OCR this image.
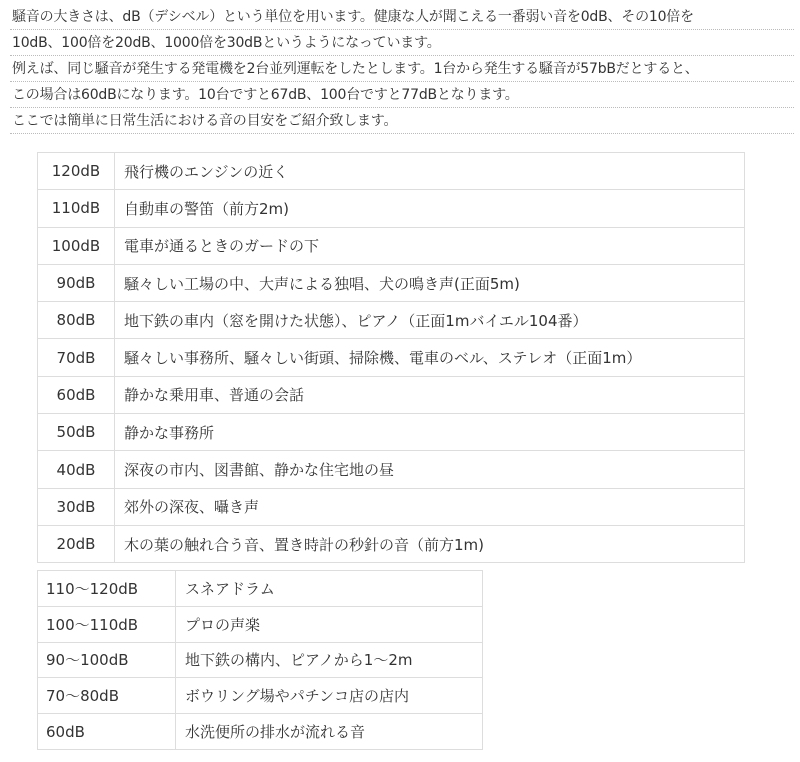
騒音の大きさは、dB（デシベル）という単位を用います。健康な人が聞こえる一番弱い音を0dB、その10倍を
10dB、100倍を20dB、1000倍を30dBというようになっています。
例えば、同じ騒音が発生する発電機を2台並列運転をしたとします。1台から発生する騒音が57bBだとすると、
この場合は60dBになります。10台ですと67dB、100台ですと77dBとなります。
ここでは簡単に日常生活における音の目安をご紹介致します。
120dB	飛行機のエンジンの近く
110dB	自動車の警笛（前方2m)
100dB	電車が通るときのガードの下
90dB	騒々しい工場の中、大声による独唱、犬の鳴き声(正面5m)
80dB	地下鉄の車内（窓を開けた状態）、ピアノ（正面1mバイエル104番）
70dB	騒々しい事務所、騒々しい街頭、掃除機、電車のベル、ステレオ（正面1m）
60dB	静かな乗用車、普通の会話
50dB	静かな事務所
40dB	深夜の市内、図書館、静かな住宅地の昼
30dB	郊外の深夜、囁き声
20dB	木の葉の触れ合う音、置き時計の秒針の音（前方1m)
110〜120dB	スネアドラム
100〜110dB	プロの声楽
90〜100dB	地下鉄の構内、ピアノから1〜2m
70〜80dB	ボウリング場やパチンコ店の店内
60dB	水洗便所の排水が流れる音
